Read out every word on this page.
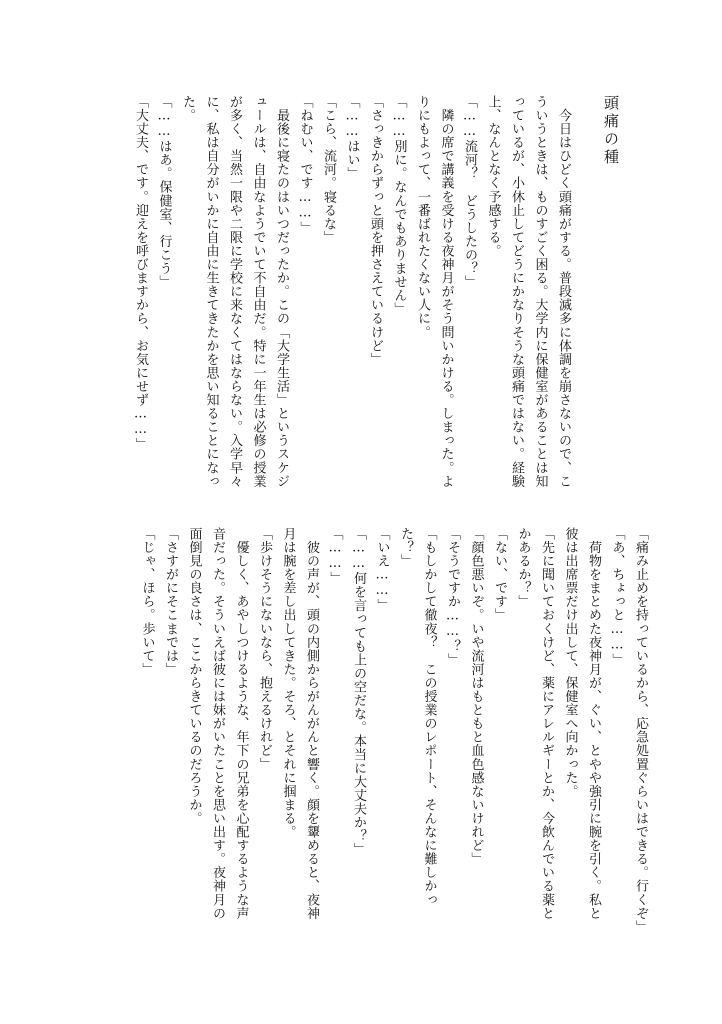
頭痛の種

　今日はひどく頭痛がする。普段滅多に体調を崩さないので、こ

ういうときは、ものすごく困る。大学内に保健室があることは知

っているが、小休止してどうにかなりそうな頭痛ではない。経験

上、なんとなく予感する。

「……流河？　どうしたの？」

　隣の席で講義を受ける夜神月がそう問いかける。しまった。よ

りにもよって、一番ばれたくない人に。

「……別に。なんでもありません」

「さっきからずっと頭を押さえているけど」

「……はい」

「こら、流河。寝るな」

「ねむい、です……」

　最後に寝たのはいつだったか。この「大学生活」というスケジ

ュールは、自由なようでいて不自由だ。特に一年生は必修の授業

が多く、当然一限や二限に学校に来なくてはならない。入学早々

に、私は自分がいかに自由に生きてきたかを思い知ることになっ

た。

「……はあ。保健室、行こう」

「大丈夫、です。迎えを呼びますから、お気にせず……」

「痛み止めを持っているから、応急処置ぐらいはできる。行くぞ」

「あ、ちょっと……」

　荷物をまとめた夜神月が、ぐい、とやや強引に腕を引く。私と

彼は出席票だけ出して、保健室へ向かった。

「先に聞いておくけど、薬にアレルギーとか、今飲んでいる薬と

かあるか？」

「ない、です」

「顔色悪いぞ。いや流河はもともと血色感ないけれど」

「そうですか……？」

「もしかして徹夜？　この授業のレポート、そんなに難しかっ

た？」

「いえ……」

「……何を言っても上の空だな。本当に大丈夫か？」

「……」

　彼の声が、頭の内側からがんがんと響く。顔を顰めると、夜神

月は腕を差し出してきた。そろ、とそれに掴まる。

「歩けそうにないなら、抱えるけれど」

　優しく、あやしつけるような、年下の兄弟を心配するような声

音だった。そういえば彼には妹がいたことを思い出す。夜神月の

面倒見の良さは、ここからきているのだろうか。

「さすがにそこまでは」

「じゃ、ほら。歩いて」
